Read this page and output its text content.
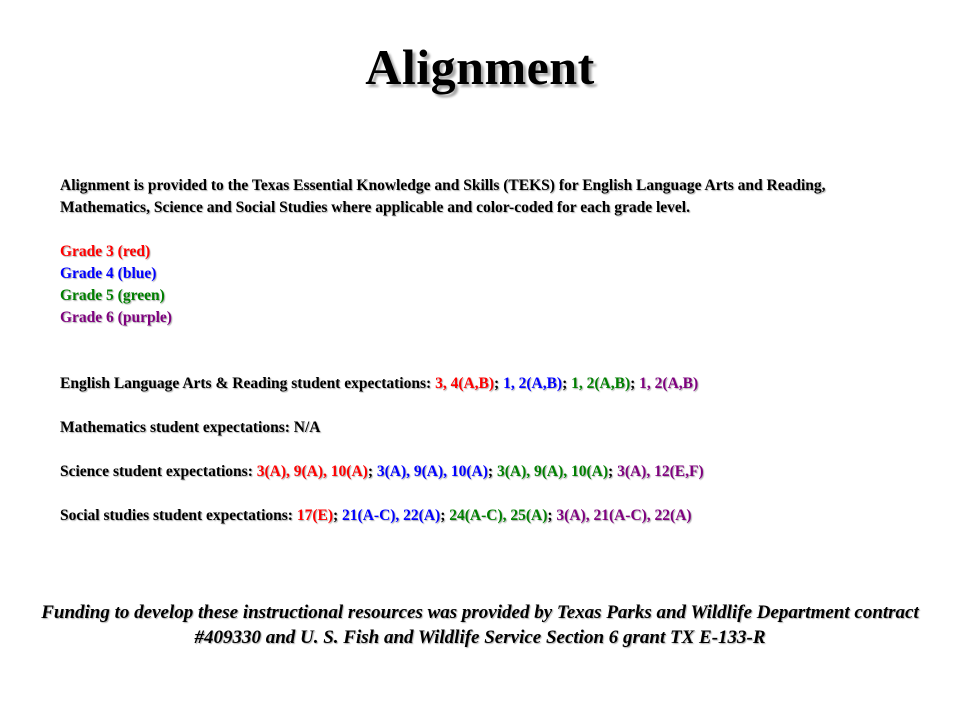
Alignment

Alignment is provided to the Texas Essential Knowledge and Skills (TEKS) for English Language Arts and Reading, Mathematics, Science and Social Studies where applicable and color-coded for each grade level.

Grade 3 (red)

Grade 4 (blue)

Grade 5 (green)

Grade 6 (purple)

English Language Arts & Reading student expectations: 3, 4(A,B); 1, 2(A,B); 1, 2(A,B); 1, 2(A,B)

Mathematics student expectations: N/A

Science student expectations: 3(A), 9(A), 10(A); 3(A), 9(A), 10(A); 3(A), 9(A), 10(A); 3(A), 12(E,F)

Social studies student expectations: 17(E); 21(A-C), 22(A); 24(A-C), 25(A); 3(A), 21(A-C), 22(A)

Funding to develop these instructional resources was provided by Texas Parks and Wildlife Department contract #409330 and U. S. Fish and Wildlife Service Section 6 grant TX E-133-R
